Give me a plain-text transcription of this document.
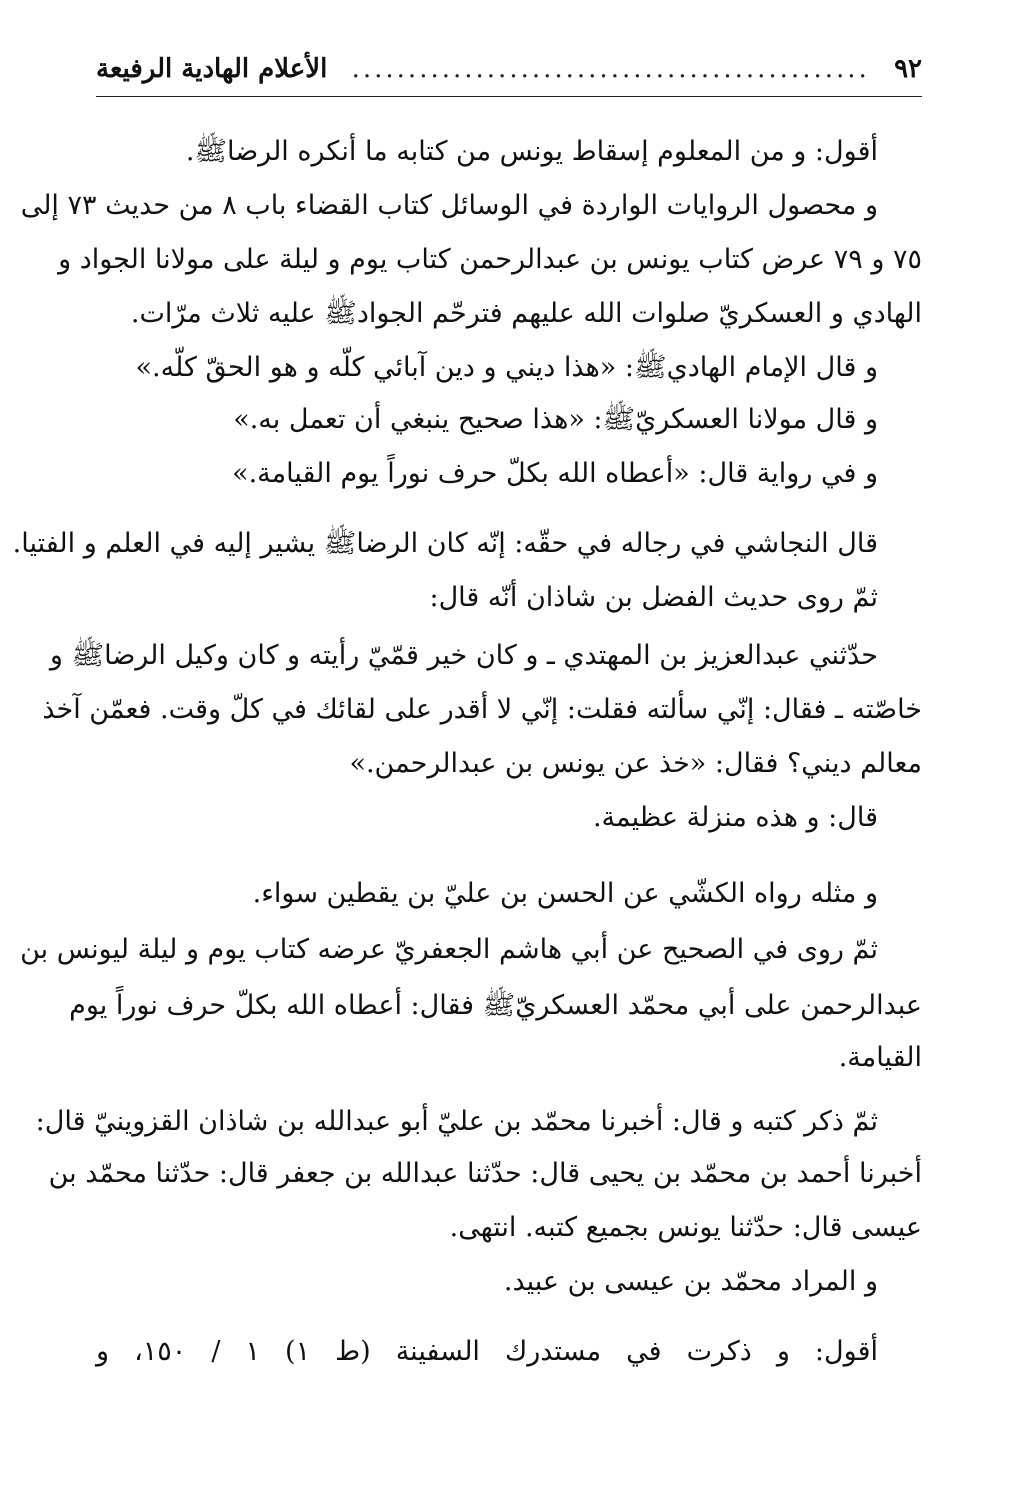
٩٢
..............................................
الأعلام الهادية الرفيعة
أقول: و من المعلوم إسقاط يونس من كتابه ما أنكره الرضاﷺ.
و محصول الروايات الواردة في الوسائل كتاب القضاء باب ٨ من حديث ٧٣ إلى
٧٥ و ٧٩ عرض كتاب يونس بن عبدالرحمن كتاب يوم و ليلة على مولانا الجواد و
الهادي و العسكريّ صلوات الله عليهم فترحّم الجوادﷺ عليه ثلاث مرّات.
و قال الإمام الهاديﷺ: «هذا ديني و دين آبائي كلّه و هو الحقّ كلّه.»
و قال مولانا العسكريّﷺ: «هذا صحيح ينبغي أن تعمل به.»
و في رواية قال: «أعطاه الله بكلّ حرف نوراً يوم القيامة.»
قال النجاشي في رجاله في حقّه: إنّه كان الرضاﷺ يشير إليه في العلم و الفتيا.
ثمّ روى حديث الفضل بن شاذان أنّه قال:
حدّثني عبدالعزيز بن المهتدي ـ و كان خير قمّيّ رأيته و كان وكيل الرضاﷺ و
خاصّته ـ فقال: إنّي سألته فقلت: إنّي لا أقدر على لقائك في كلّ وقت. فعمّن آخذ
معالم ديني؟ فقال: «خذ عن يونس بن عبدالرحمن.»
قال: و هذه منزلة عظيمة.
و مثله رواه الكشّي عن الحسن بن عليّ بن يقطين سواء.
ثمّ روى في الصحيح عن أبي هاشم الجعفريّ عرضه كتاب يوم و ليلة ليونس بن
عبدالرحمن على أبي محمّد العسكريّﷺ فقال: أعطاه الله بكلّ حرف نوراً يوم
القيامة.
ثمّ ذكر كتبه و قال: أخبرنا محمّد بن عليّ أبو عبدالله بن شاذان القزوينيّ قال:
أخبرنا أحمد بن محمّد بن يحيى قال: حدّثنا عبدالله بن جعفر قال: حدّثنا محمّد بن
عيسى قال: حدّثنا يونس بجميع كتبه. انتهى.
و المراد محمّد بن عيسى بن عبيد.
أقول: و ذكرت في مستدرك السفينة (ط ١) ١ / ١٥٠، و
